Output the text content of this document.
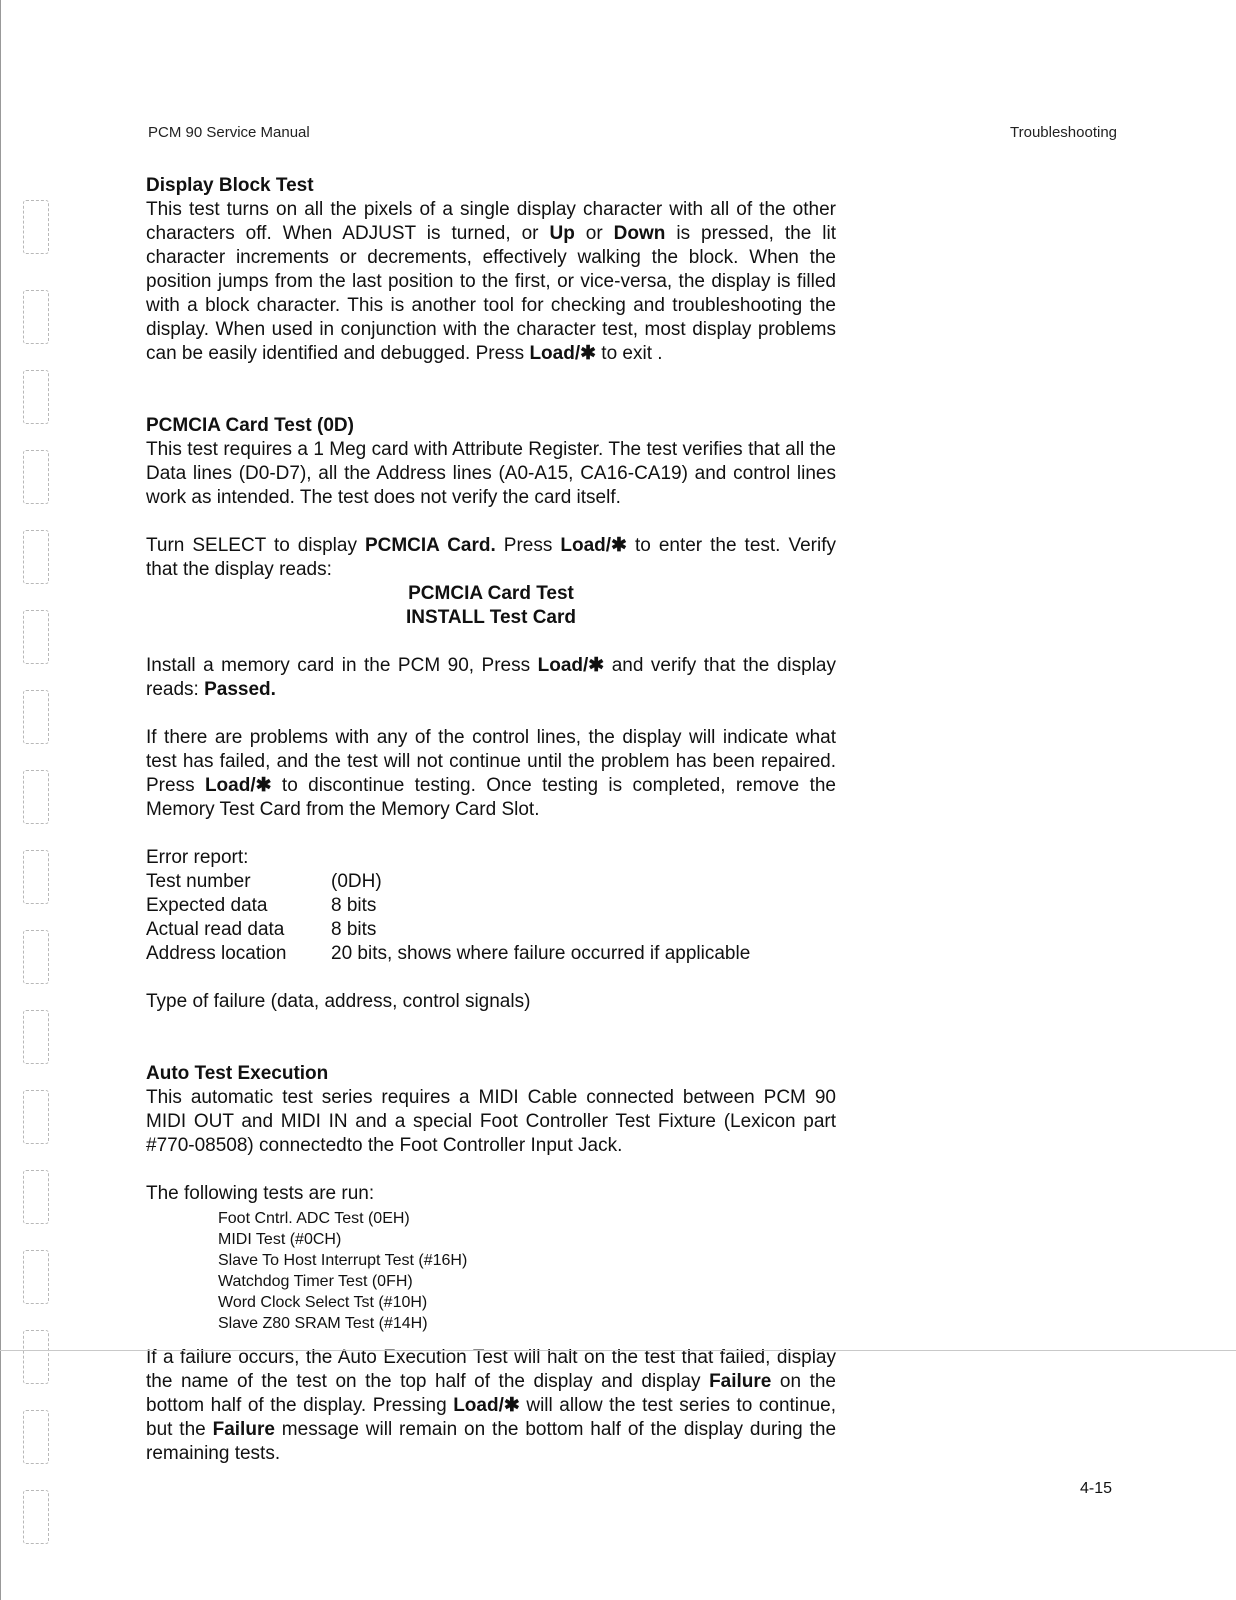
PCM 90 Service Manual	Troubleshooting
Display Block Test

This test turns on all the pixels of a single display character with all of the other characters off. When ADJUST is turned, or Up or Down is pressed, the lit character increments or decrements, effectively walking the block. When the position jumps from the last position to the first, or vice-versa, the display is filled with a block character. This is another tool for checking and troubleshooting the display. When used in conjunction with the character test, most display problems can be easily identified and debugged. Press Load/✱ to exit .

PCMCIA Card Test (0D)

This test requires a 1 Meg card with Attribute Register. The test verifies that all the Data lines (D0-D7), all the Address lines (A0-A15, CA16-CA19) and control lines work as intended. The test does not verify the card itself.

Turn SELECT to display PCMCIA Card. Press Load/✱ to enter the test. Verify that the display reads:

PCMCIA Card Test
INSTALL Test Card

Install a memory card in the PCM 90, Press Load/✱ and verify that the display reads: Passed.

If there are problems with any of the control lines, the display will indicate what test has failed, and the test will not continue until the problem has been repaired. Press Load/✱ to discontinue testing. Once testing is completed, remove the Memory Test Card from the Memory Card Slot.

Error report:
Test number	(0DH)
Expected data	8 bits
Actual read data	8 bits
Address location	20 bits, shows where failure occurred if applicable
Type of failure (data, address, control signals)
Auto Test Execution

This automatic test series requires a MIDI Cable connected between PCM 90 MIDI OUT and MIDI IN and a special Foot Controller Test Fixture (Lexicon part #770-08508) connectedto the Foot Controller Input Jack.

The following tests are run:
Foot Cntrl. ADC Test (0EH)
MIDI Test (#0CH)
Slave To Host Interrupt Test (#16H)
Watchdog Timer Test (0FH)
Word Clock Select Tst (#10H)
Slave Z80 SRAM Test (#14H)

If a failure occurs, the Auto Execution Test will halt on the test that failed, display the name of the test on the top half of the display and display Failure on the bottom half of the display. Pressing Load/✱ will allow the test series to continue, but the Failure message will remain on the bottom half of the display during the remaining tests.

4-15
